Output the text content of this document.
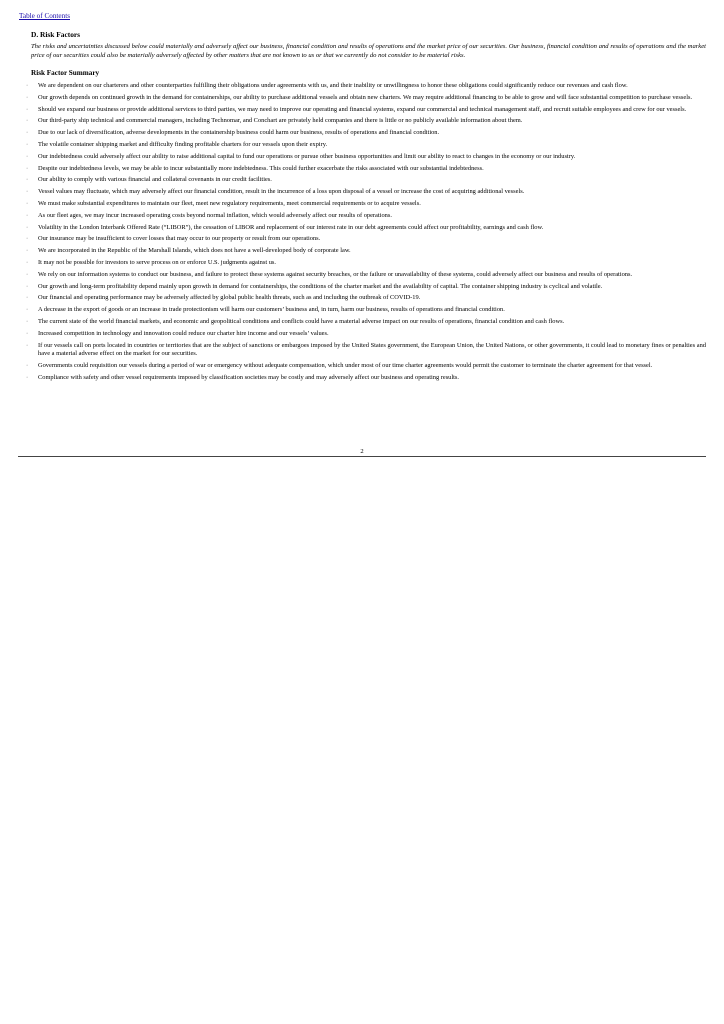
Table of Contents
D. Risk Factors
The risks and uncertainties discussed below could materially and adversely affect our business, financial condition and results of operations and the market price of our securities. Our business, financial condition and results of operations and the market price of our securities could also be materially adversely affected by other matters that are not known to us or that we currently do not consider to be material risks.
Risk Factor Summary
· We are dependent on our charterers and other counterparties fulfilling their obligations under agreements with us, and their inability or unwillingness to honor these obligations could significantly reduce our revenues and cash flow.
· Our growth depends on continued growth in the demand for containerships, our ability to purchase additional vessels and obtain new charters. We may require additional financing to be able to grow and will face substantial competition to purchase vessels.
· Should we expand our business or provide additional services to third parties, we may need to improve our operating and financial systems, expand our commercial and technical management staff, and recruit suitable employees and crew for our vessels.
· Our third-party ship technical and commercial managers, including Technomar, and Conchart are privately held companies and there is little or no publicly available information about them.
· Due to our lack of diversification, adverse developments in the containership business could harm our business, results of operations and financial condition.
· The volatile container shipping market and difficulty finding profitable charters for our vessels upon their expiry.
· Our indebtedness could adversely affect our ability to raise additional capital to fund our operations or pursue other business opportunities and limit our ability to react to changes in the economy or our industry.
· Despite our indebtedness levels, we may be able to incur substantially more indebtedness. This could further exacerbate the risks associated with our substantial indebtedness.
· Our ability to comply with various financial and collateral covenants in our credit facilities.
· Vessel values may fluctuate, which may adversely affect our financial condition, result in the incurrence of a loss upon disposal of a vessel or increase the cost of acquiring additional vessels.
· We must make substantial expenditures to maintain our fleet, meet new regulatory requirements, meet commercial requirements or to acquire vessels.
· As our fleet ages, we may incur increased operating costs beyond normal inflation, which would adversely affect our results of operations.
· Volatility in the London Interbank Offered Rate (“LIBOR”), the cessation of LIBOR and replacement of our interest rate in our debt agreements could affect our profitability, earnings and cash flow.
· Our insurance may be insufficient to cover losses that may occur to our property or result from our operations.
· We are incorporated in the Republic of the Marshall Islands, which does not have a well-developed body of corporate law.
· It may not be possible for investors to serve process on or enforce U.S. judgments against us.
· We rely on our information systems to conduct our business, and failure to protect these systems against security breaches, or the failure or unavailability of these systems, could adversely affect our business and results of operations.
· Our growth and long-term profitability depend mainly upon growth in demand for containerships, the conditions of the charter market and the availability of capital. The container shipping industry is cyclical and volatile.
· Our financial and operating performance may be adversely affected by global public health threats, such as and including the outbreak of COVID-19.
· A decrease in the export of goods or an increase in trade protectionism will harm our customers’ business and, in turn, harm our business, results of operations and financial condition.
· The current state of the world financial markets, and economic and geopolitical conditions and conflicts could have a material adverse impact on our results of operations, financial condition and cash flows.
· Increased competition in technology and innovation could reduce our charter hire income and our vessels’ values.
· If our vessels call on ports located in countries or territories that are the subject of sanctions or embargoes imposed by the United States government, the European Union, the United Nations, or other governments, it could lead to monetary fines or penalties and have a material adverse effect on the market for our securities.
· Governments could requisition our vessels during a period of war or emergency without adequate compensation, which under most of our time charter agreements would permit the customer to terminate the charter agreement for that vessel.
· Compliance with safety and other vessel requirements imposed by classification societies may be costly and may adversely affect our business and operating results.
2
